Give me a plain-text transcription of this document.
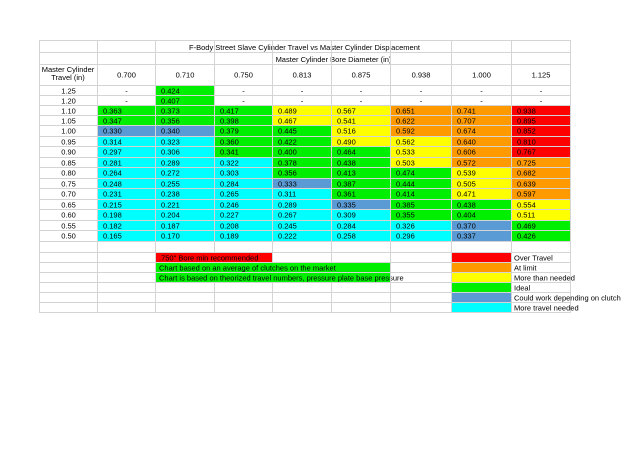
F-Body Street Slave Cylinder Travel vs Master Cylinder Displacement
Master Cylinder Bore Diameter (in)
Master Cylinder
Travel (in)	0.700	0.710	0.750	0.813	0.875	0.938	1.000	1.125
1.25	-	0.424	-	-	-	-	-	-
1.20	-	0.407	-	-	-	-	-	-
1.10	0.363	0.373	0.417	0.489	0.567	0.651	0.741	0.938
1.05	0.347	0.356	0.398	0.467	0.541	0.622	0.707	0.895
1.00	0.330	0.340	0.379	0.445	0.516	0.592	0.674	0.852
0.95	0.314	0.323	0.360	0.422	0.490	0.562	0.640	0.810
0.90	0.297	0.306	0.341	0.400	0.464	0.533	0.606	0.767
0.85	0.281	0.289	0.322	0.378	0.438	0.503	0.572	0.725
0.80	0.264	0.272	0.303	0.356	0.413	0.474	0.539	0.682
0.75	0.248	0.255	0.284	0.333	0.387	0.444	0.505	0.639
0.70	0.231	0.238	0.265	0.311	0.361	0.414	0.471	0.597
0.65	0.215	0.221	0.246	0.289	0.335	0.385	0.438	0.554
0.60	0.198	0.204	0.227	0.267	0.309	0.355	0.404	0.511
0.55	0.182	0.187	0.208	0.245	0.284	0.326	0.370	0.469
0.50	0.165	0.170	0.189	0.222	0.258	0.296	0.337	0.426
.750" Bore min recommended	Over Travel
Chart based on an average of clutches on the market	At limit
Chart is based on theorized travel numbers, pressure plate base pressure	More than needed
Ideal
Could work depending on clutch
More travel needed
